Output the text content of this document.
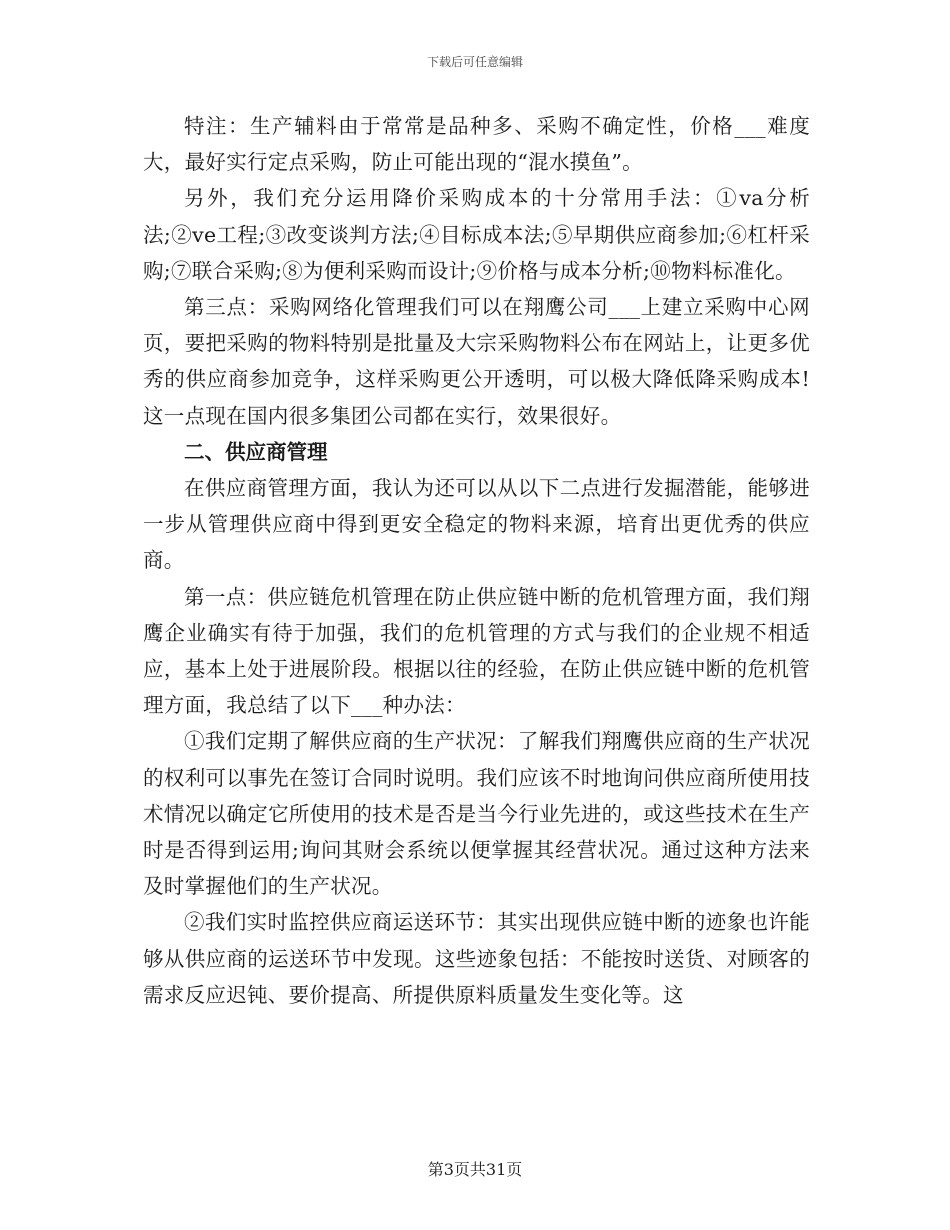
下载后可任意编辑

特注：生产辅料由于常常是品种多、采购不确定性，价格___难度大，最好实行定点采购，防止可能出现的“混水摸鱼”。

另外，我们充分运用降价采购成本的十分常用手法：①va分析法;②ve工程;③改变谈判方法;④目标成本法;⑤早期供应商参加;⑥杠杆采购;⑦联合采购;⑧为便利采购而设计;⑨价格与成本分析;⑩物料标准化。

第三点：采购网络化管理我们可以在翔鹰公司___上建立采购中心网页，要把采购的物料特别是批量及大宗采购物料公布在网站上，让更多优秀的供应商参加竞争，这样采购更公开透明，可以极大降低降采购成本!这一点现在国内很多集团公司都在实行，效果很好。

二、供应商管理

在供应商管理方面，我认为还可以从以下二点进行发掘潜能，能够进一步从管理供应商中得到更安全稳定的物料来源，培育出更优秀的供应商。

第一点：供应链危机管理在防止供应链中断的危机管理方面，我们翔鹰企业确实有待于加强，我们的危机管理的方式与我们的企业规不相适应，基本上处于进展阶段。根据以往的经验，在防止供应链中断的危机管理方面，我总结了以下___种办法：

①我们定期了解供应商的生产状况：了解我们翔鹰供应商的生产状况的权利可以事先在签订合同时说明。我们应该不时地询问供应商所使用技术情况以确定它所使用的技术是否是当今行业先进的，或这些技术在生产时是否得到运用;询问其财会系统以便掌握其经营状况。通过这种方法来及时掌握他们的生产状况。

②我们实时监控供应商运送环节：其实出现供应链中断的迹象也许能够从供应商的运送环节中发现。这些迹象包括：不能按时送货、对顾客的需求反应迟钝、要价提高、所提供原料质量发生变化等。这

第3页共31页
